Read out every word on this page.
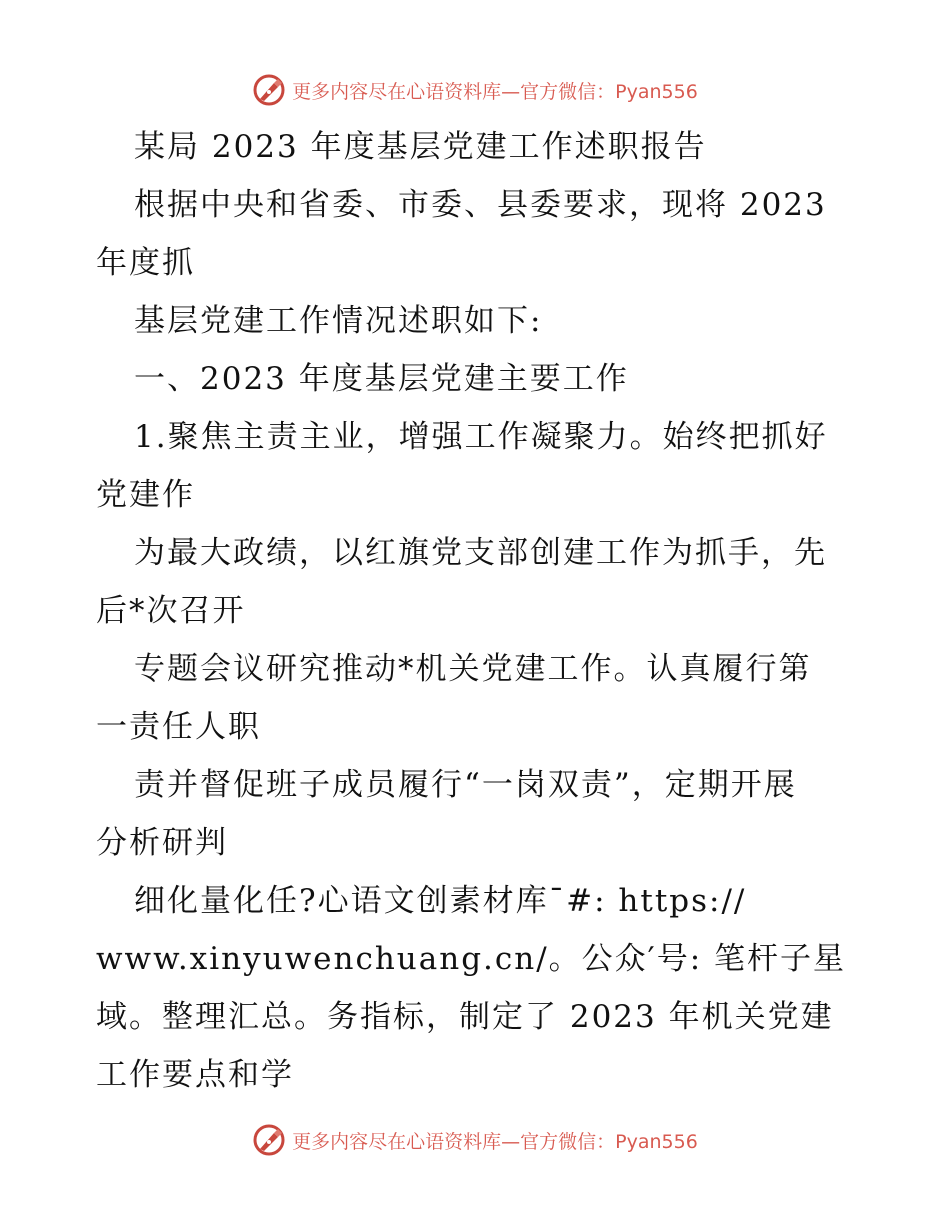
更多内容尽在心语资料库—官方微信：Pyan556
某局 2023 年度基层党建工作述职报告
根据中央和省委、市委、县委要求，现将 2023
年度抓
基层党建工作情况述职如下:
一、2023 年度基层党建主要工作
1.聚焦主责主业，增强工作凝聚力。始终把抓好
党建作
为最大政绩，以红旗党支部创建工作为抓手，先
后*次召开
专题会议研究推动*机关党建工作。认真履行第
一责任人职
责并督促班子成员履行“一岗双责”，定期开展
分析研判
细化量化任?心语文创素材库¯#: https://
www.xinyuwenchuang.cn/。公众′号: 笔杆子星
域。整理汇总。务指标，制定了 2023 年机关党建
工作要点和学
更多内容尽在心语资料库—官方微信：Pyan556
